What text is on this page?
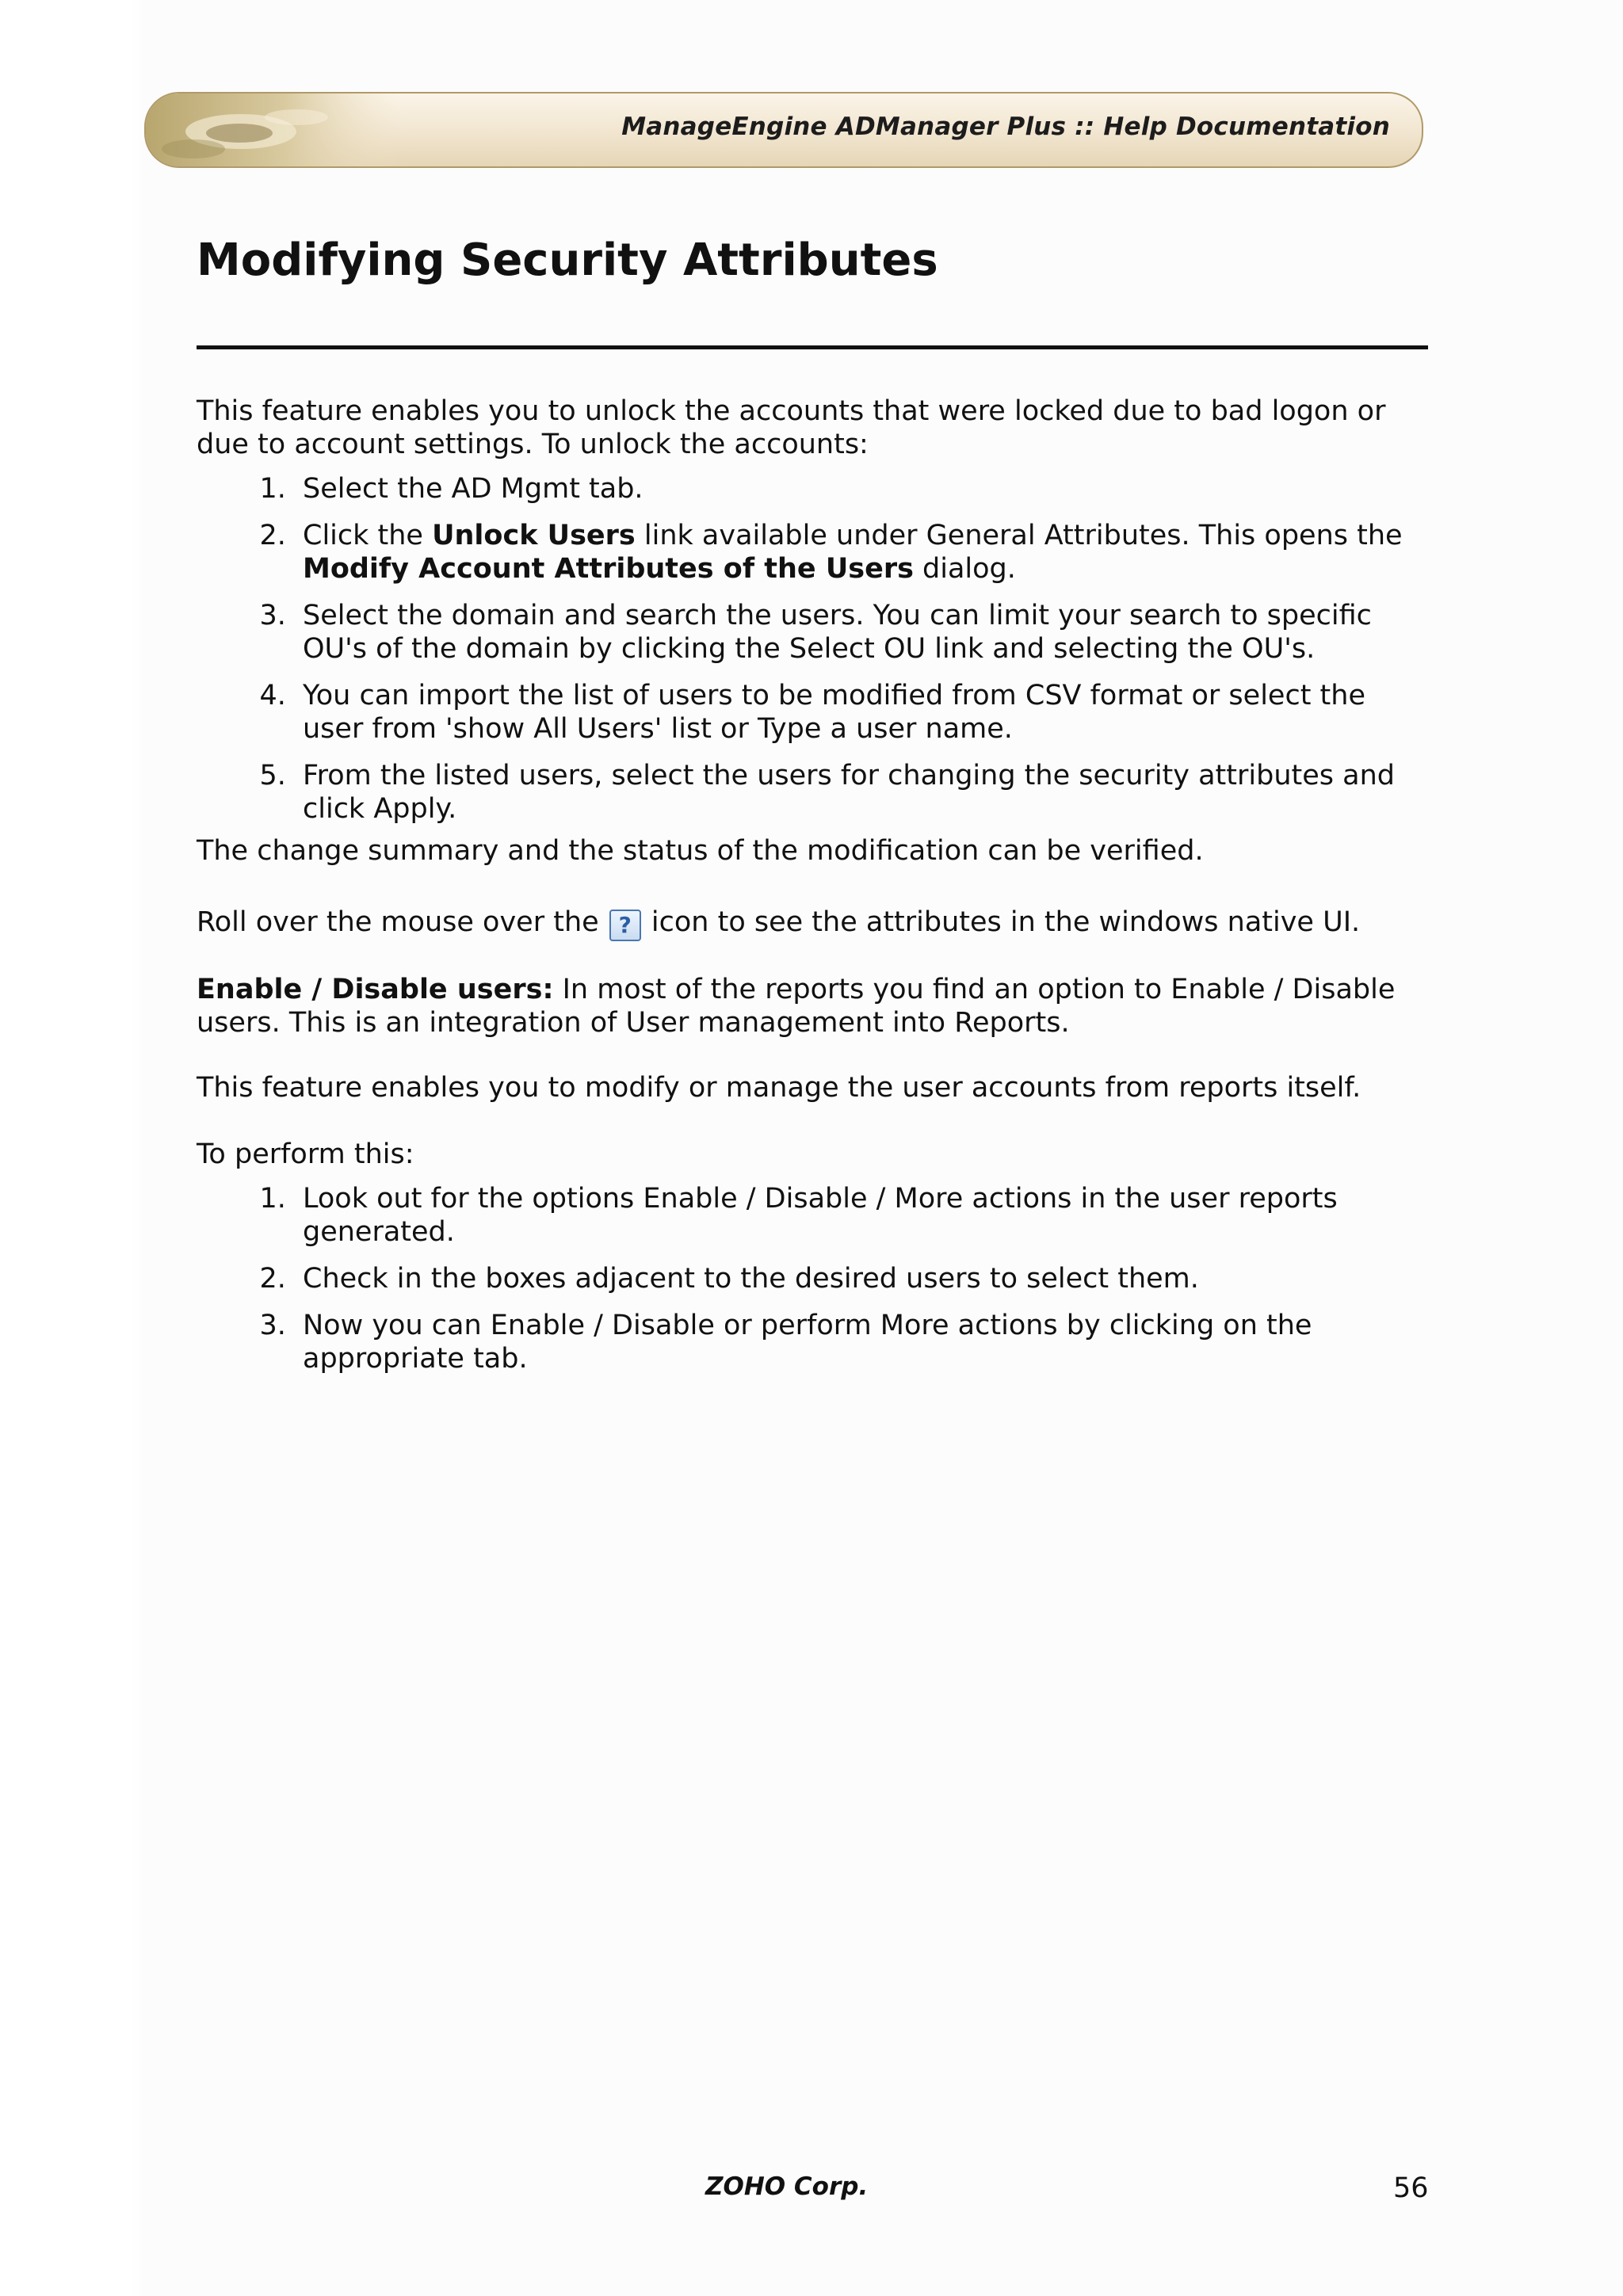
ManageEngine ADManager Plus :: Help Documentation
Modifying Security Attributes

This feature enables you to unlock the accounts that were locked due to bad logon or due to account settings. To unlock the accounts:

1. Select the AD Mgmt tab.
2. Click the Unlock Users link available under General Attributes. This opens the Modify Account Attributes of the Users dialog.
3. Select the domain and search the users. You can limit your search to specific OU's of the domain by clicking the Select OU link and selecting the OU's.
4. You can import the list of users to be modified from CSV format or select the user from 'show All Users' list or Type a user name.
5. From the listed users, select the users for changing the security attributes and click Apply.

The change summary and the status of the modification can be verified.

Roll over the mouse over the ? icon to see the attributes in the windows native UI.

Enable / Disable users: In most of the reports you find an option to Enable / Disable users. This is an integration of User management into Reports.

This feature enables you to modify or manage the user accounts from reports itself.

To perform this:

1. Look out for the options Enable / Disable / More actions in the user reports generated.
2. Check in the boxes adjacent to the desired users to select them.
3. Now you can Enable / Disable or perform More actions by clicking on the appropriate tab.
ZOHO Corp.	56
